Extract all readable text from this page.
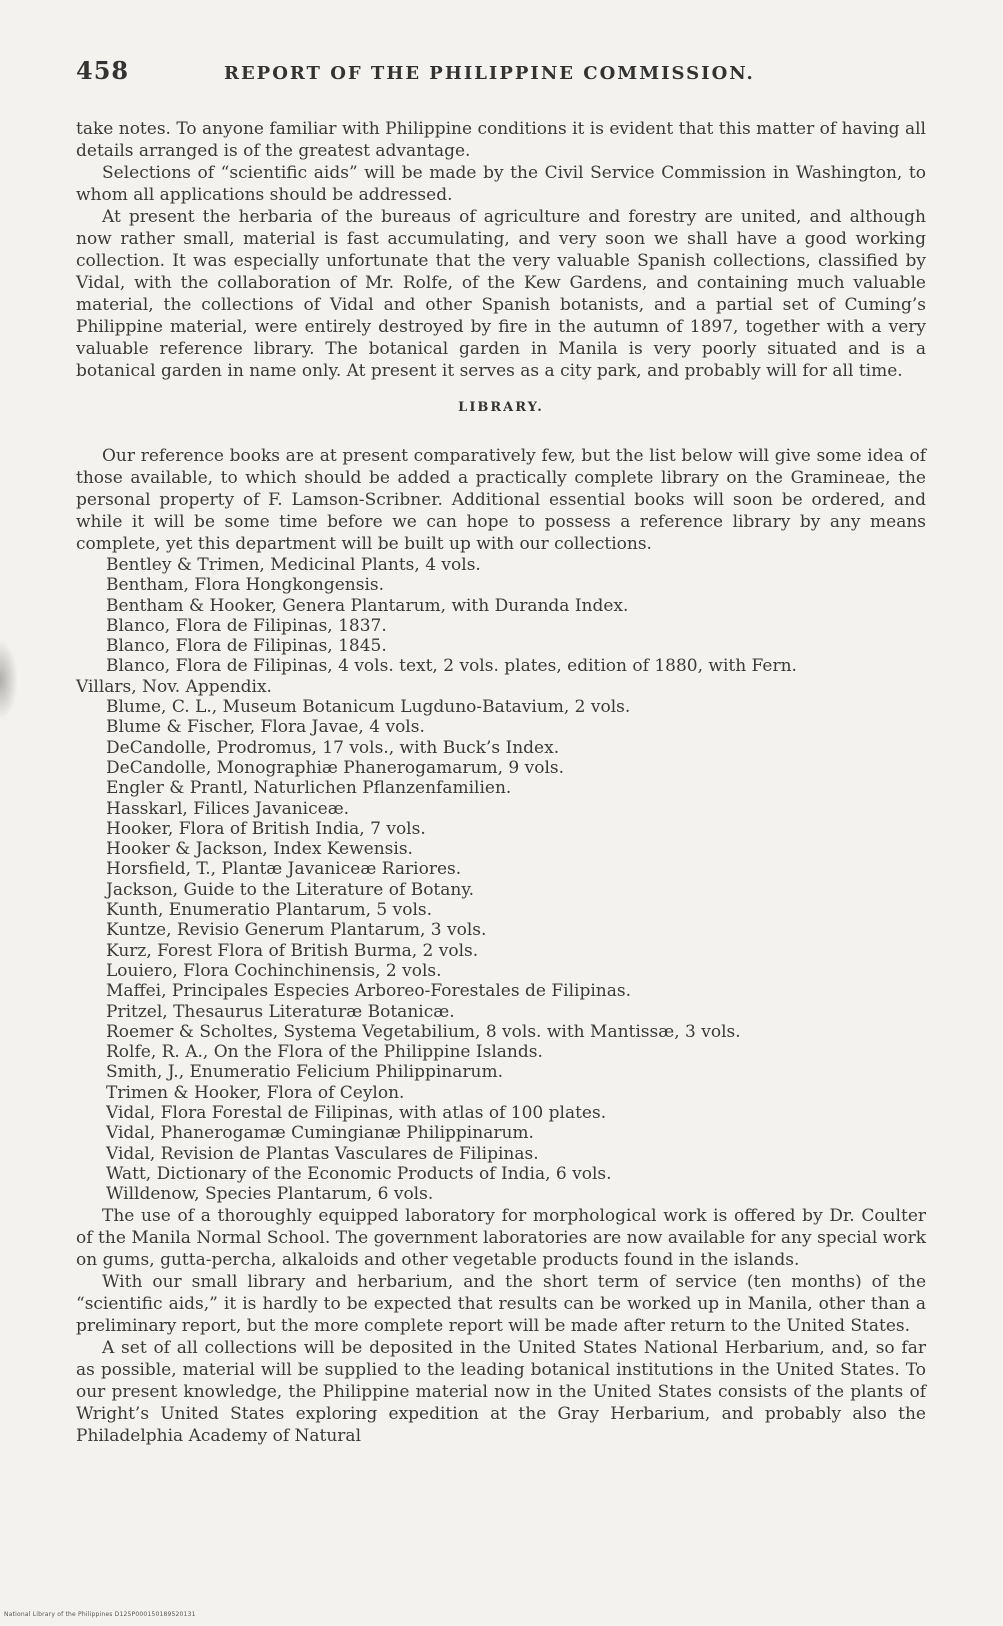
458	REPORT OF THE PHILIPPINE COMMISSION.

take notes. To anyone familiar with Philippine conditions it is evident that this matter of having all details arranged is of the greatest advantage.

Selections of “scientific aids” will be made by the Civil Service Commission in Washington, to whom all applications should be addressed.

At present the herbaria of the bureaus of agriculture and forestry are united, and although now rather small, material is fast accumulating, and very soon we shall have a good working collection. It was especially unfortunate that the very valuable Spanish collections, classified by Vidal, with the collaboration of Mr. Rolfe, of the Kew Gardens, and containing much valuable material, the collections of Vidal and other Spanish botanists, and a partial set of Cuming’s Philippine material, were entirely destroyed by fire in the autumn of 1897, together with a very valuable reference library. The botanical garden in Manila is very poorly situated and is a botanical garden in name only. At present it serves as a city park, and probably will for all time.

LIBRARY.

Our reference books are at present comparatively few, but the list below will give some idea of those available, to which should be added a practically complete library on the Gramineae, the personal property of F. Lamson-Scribner. Additional essential books will soon be ordered, and while it will be some time before we can hope to possess a reference library by any means complete, yet this department will be built up with our collections.

Bentley & Trimen, Medicinal Plants, 4 vols.
Bentham, Flora Hongkongensis.
Bentham & Hooker, Genera Plantarum, with Duranda Index.
Blanco, Flora de Filipinas, 1837.
Blanco, Flora de Filipinas, 1845.
Blanco, Flora de Filipinas, 4 vols. text, 2 vols. plates, edition of 1880, with Fern.
Villars, Nov. Appendix.
Blume, C. L., Museum Botanicum Lugduno-Batavium, 2 vols.
Blume & Fischer, Flora Javae, 4 vols.
DeCandolle, Prodromus, 17 vols., with Buck’s Index.
DeCandolle, Monographiæ Phanerogamarum, 9 vols.
Engler & Prantl, Naturlichen Pflanzenfamilien.
Hasskarl, Filices Javanicеæ.
Hooker, Flora of British India, 7 vols.
Hooker & Jackson, Index Kewensis.
Horsfield, T., Plantæ Javanicеæ Rariores.
Jackson, Guide to the Literature of Botany.
Kunth, Enumeratio Plantarum, 5 vols.
Kuntze, Revisio Generum Plantarum, 3 vols.
Kurz, Forest Flora of British Burma, 2 vols.
Louiero, Flora Cochinchinensis, 2 vols.
Maffei, Principales Especies Arboreo-Forestales de Filipinas.
Pritzel, Thesaurus Literaturæ Botanicæ.
Roemer & Scholtes, Systema Vegetabilium, 8 vols. with Mantissæ, 3 vols.
Rolfe, R. A., On the Flora of the Philippine Islands.
Smith, J., Enumeratio Felicium Philippinarum.
Trimen & Hooker, Flora of Ceylon.
Vidal, Flora Forestal de Filipinas, with atlas of 100 plates.
Vidal, Phanerogamæ Cumingianæ Philippinarum.
Vidal, Revision de Plantas Vasculares de Filipinas.
Watt, Dictionary of the Economic Products of India, 6 vols.
Willdenow, Species Plantarum, 6 vols.

The use of a thoroughly equipped laboratory for morphological work is offered by Dr. Coulter of the Manila Normal School. The government laboratories are now available for any special work on gums, gutta-percha, alkaloids and other vegetable products found in the islands.

With our small library and herbarium, and the short term of service (ten months) of the “scientific aids,” it is hardly to be expected that results can be worked up in Manila, other than a preliminary report, but the more complete report will be made after return to the United States.

A set of all collections will be deposited in the United States National Herbarium, and, so far as possible, material will be supplied to the leading botanical institutions in the United States. To our present knowledge, the Philippine material now in the United States consists of the plants of Wright’s United States exploring expedition at the Gray Herbarium, and probably also the Philadelphia Academy of Natural

National Library of the Philippines D125P000150189520131
